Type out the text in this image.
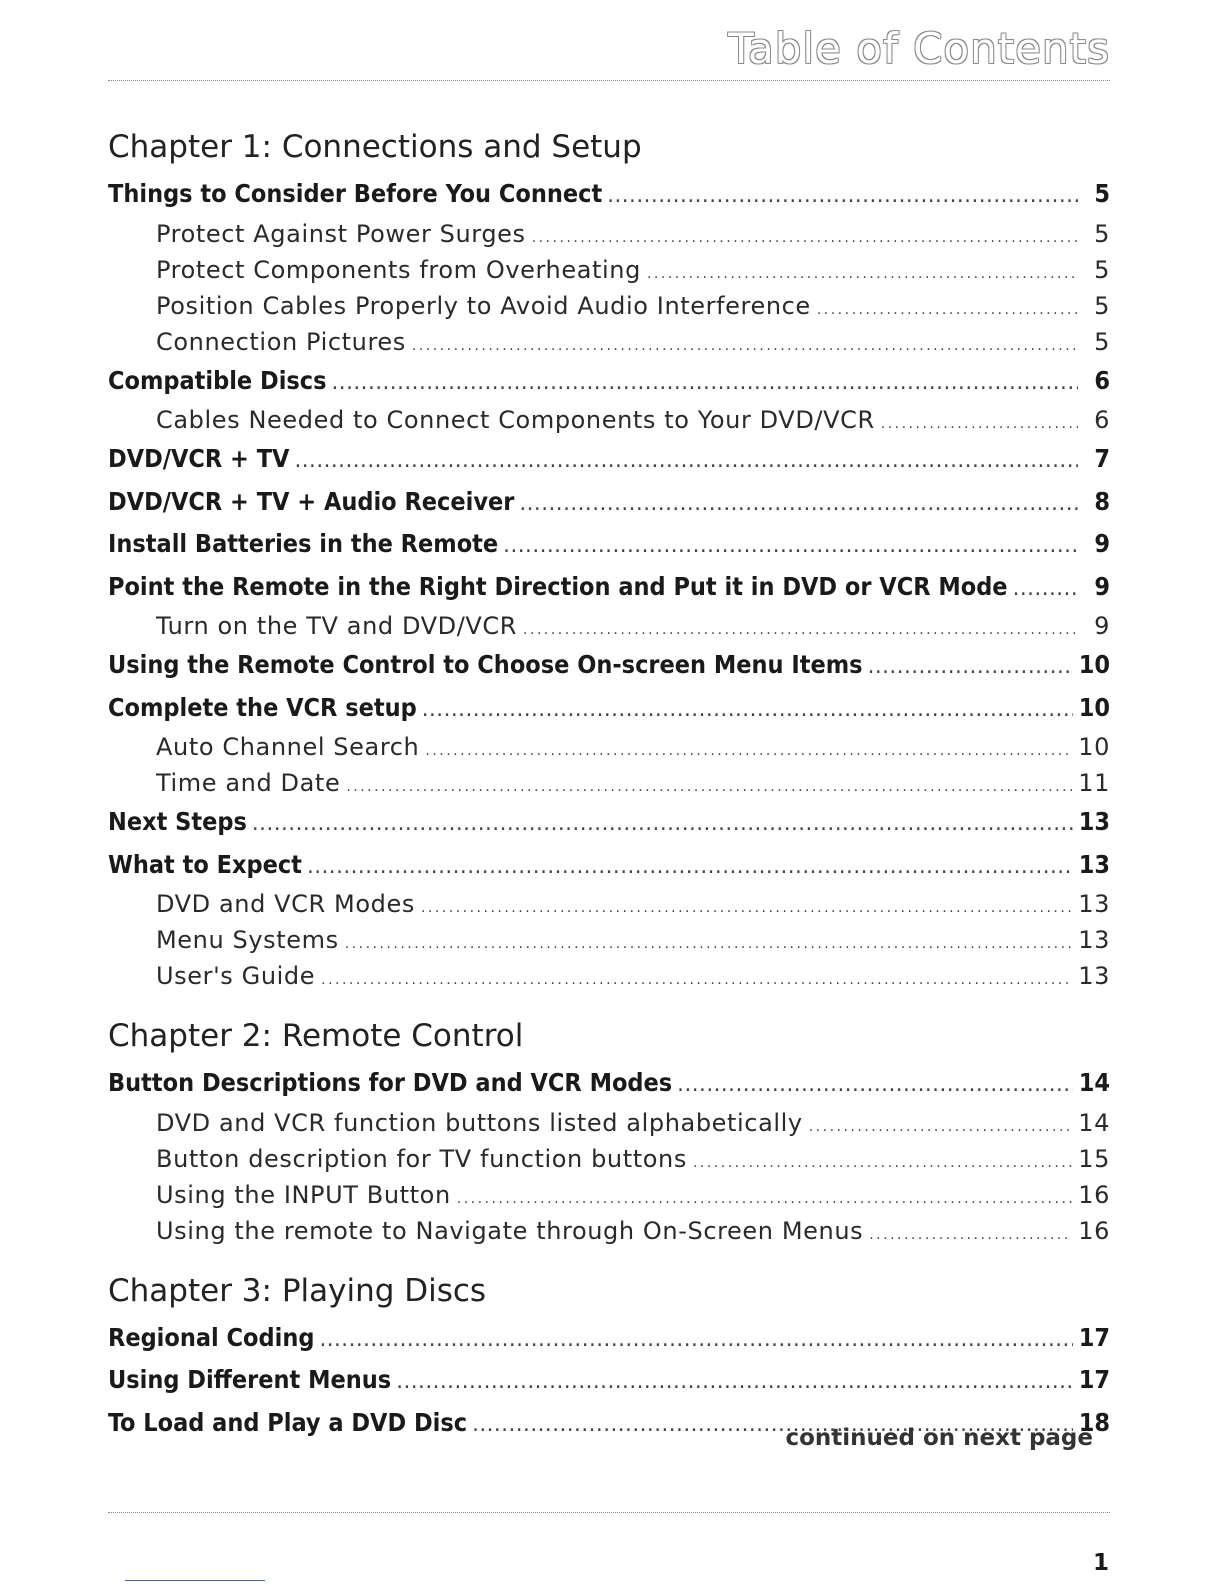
Table of Contents
Chapter 1: Connections and Setup
Things to Consider Before You Connect .....	5
Protect Against Power Surges .....	5
Protect Components from Overheating .....	5
Position Cables Properly to Avoid Audio Interference .....	5
Connection Pictures .....	5
Compatible Discs .....	6
Cables Needed to Connect Components to Your DVD/VCR .....	6
DVD/VCR + TV .....	7
DVD/VCR + TV + Audio Receiver .....	8
Install Batteries in the Remote .....	9
Point the Remote in the Right Direction and Put it in DVD or VCR Mode .....	9
Turn on the TV and DVD/VCR .....	9
Using the Remote Control to Choose On-screen Menu Items .....	10
Complete the VCR setup .....	10
Auto Channel Search .....	10
Time and Date .....	11
Next Steps .....	13
What to Expect .....	13
DVD and VCR Modes .....	13
Menu Systems .....	13
User's Guide .....	13
Chapter 2: Remote Control
Button Descriptions for DVD and VCR Modes .....	14
DVD and VCR function buttons listed alphabetically .....	14
Button description for TV function buttons .....	15
Using the INPUT Button .....	16
Using the remote to Navigate through On-Screen Menus .....	16
Chapter 3: Playing Discs
Regional Coding .....	17
Using Different Menus .....	17
To Load and Play a DVD Disc .....	18
continued on next page
1
